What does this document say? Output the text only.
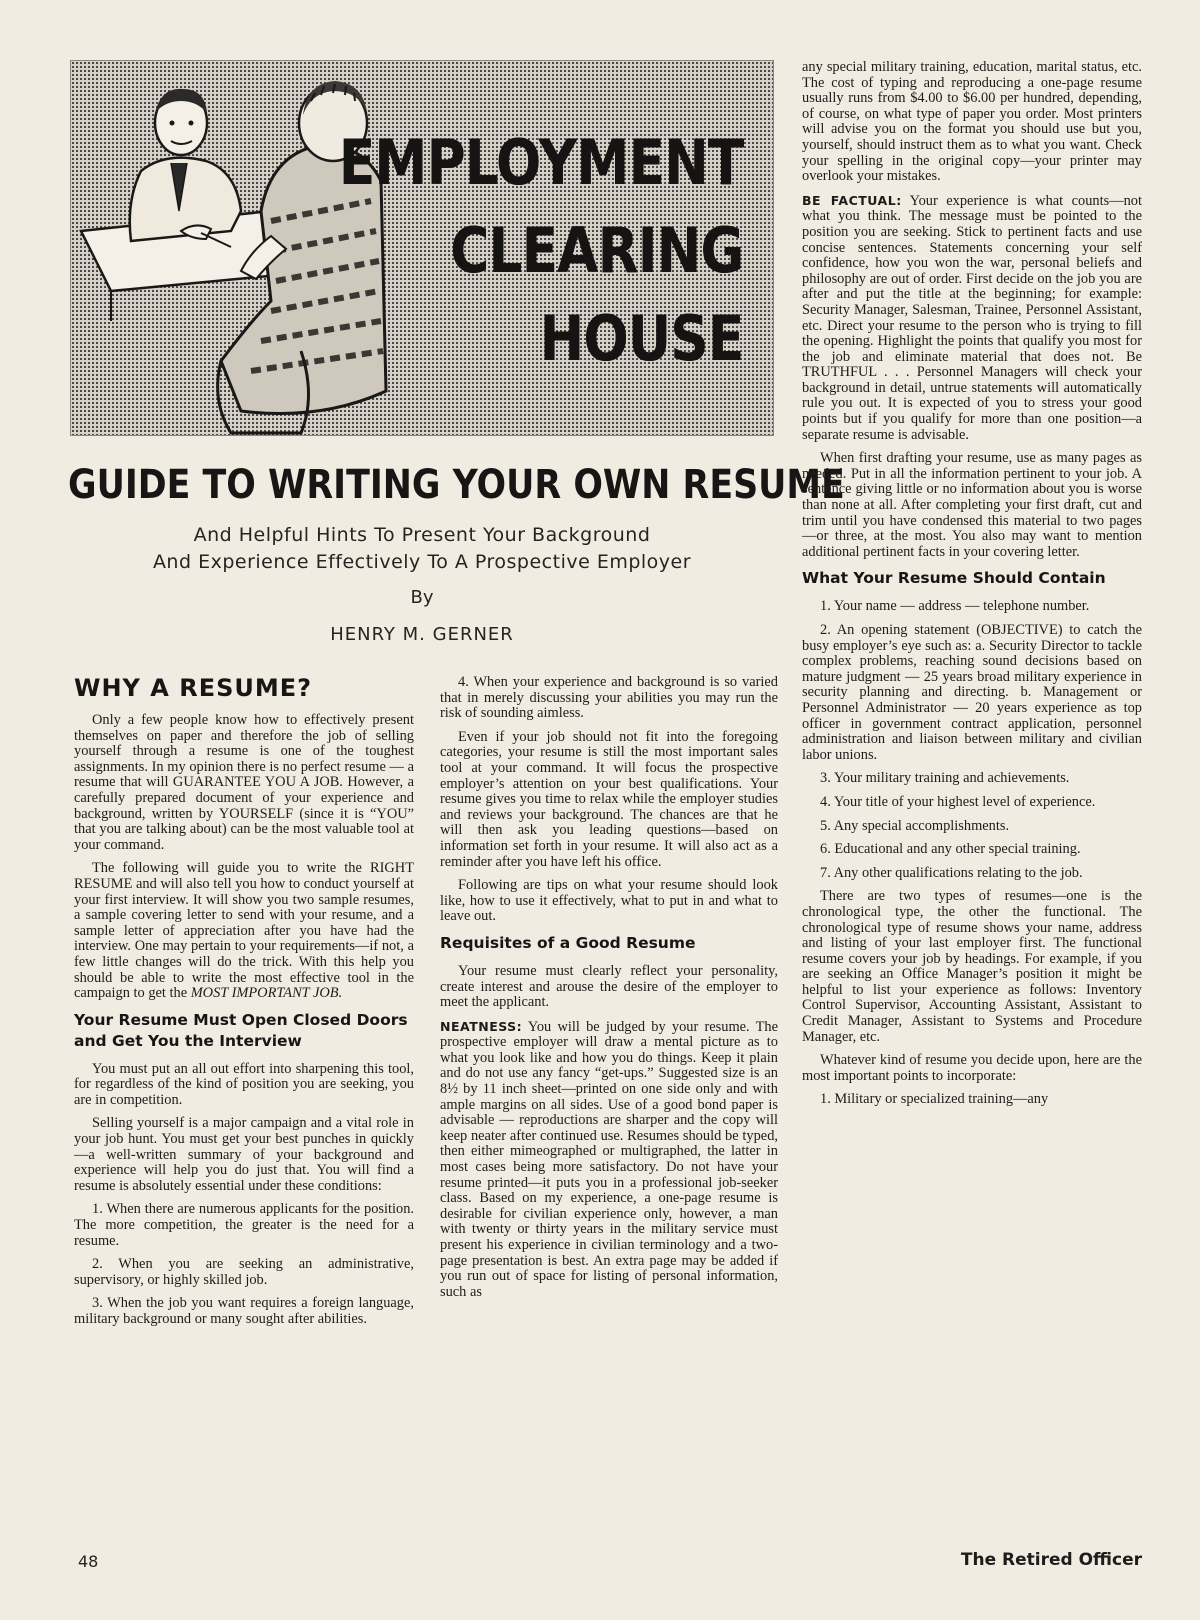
EMPLOYMENT
CLEARING
HOUSE
GUIDE TO WRITING YOUR OWN RESUME
And Helpful Hints To Present Your Background
And Experience Effectively To A Prospective Employer
By
HENRY M. GERNER
WHY A RESUME?

Only a few people know how to effectively present themselves on paper and therefore the job of selling yourself through a resume is one of the toughest assignments. In my opinion there is no perfect resume — a resume that will GUARANTEE YOU A JOB. However, a carefully prepared document of your experience and background, written by YOURSELF (since it is “YOU” that you are talking about) can be the most valuable tool at your command.

The following will guide you to write the RIGHT RESUME and will also tell you how to conduct yourself at your first interview. It will show you two sample resumes, a sample covering letter to send with your resume, and a sample letter of appreciation after you have had the interview. One may pertain to your requirements—if not, a few little changes will do the trick. With this help you should be able to write the most effective tool in the campaign to get the MOST IMPORTANT JOB.

Your Resume Must Open Closed Doors and Get You the Interview

You must put an all out effort into sharpening this tool, for regardless of the kind of position you are seeking, you are in competition.

Selling yourself is a major campaign and a vital role in your job hunt. You must get your best punches in quickly—a well-written summary of your background and experience will help you do just that. You will find a resume is absolutely essential under these conditions:

1. When there are numerous applicants for the position. The more competition, the greater is the need for a resume.

2. When you are seeking an administrative, supervisory, or highly skilled job.

3. When the job you want requires a foreign language, military background or many sought after abilities.

4. When your experience and background is so varied that in merely discussing your abilities you may run the risk of sounding aimless.

Even if your job should not fit into the foregoing categories, your resume is still the most important sales tool at your command. It will focus the prospective employer’s attention on your best qualifications. Your resume gives you time to relax while the employer studies and reviews your background. The chances are that he will then ask you leading questions—based on information set forth in your resume. It will also act as a reminder after you have left his office.

Following are tips on what your resume should look like, how to use it effectively, what to put in and what to leave out.

Requisites of a Good Resume

Your resume must clearly reflect your personality, create interest and arouse the desire of the employer to meet the applicant.

NEATNESS: You will be judged by your resume. The prospective employer will draw a mental picture as to what you look like and how you do things. Keep it plain and do not use any fancy “get-ups.” Suggested size is an 8½ by 11 inch sheet—printed on one side only and with ample margins on all sides. Use of a good bond paper is advisable — reproductions are sharper and the copy will keep neater after continued use. Resumes should be typed, then either mimeographed or multigraphed, the latter in most cases being more satisfactory. Do not have your resume printed—it puts you in a professional job-seeker class. Based on my experience, a one-page resume is desirable for civilian experience only, however, a man with twenty or thirty years in the military service must present his experience in civilian terminology and a two-page presentation is best. An extra page may be added if you run out of space for listing of personal information, such as

any special military training, education, marital status, etc. The cost of typing and reproducing a one-page resume usually runs from $4.00 to $6.00 per hundred, depending, of course, on what type of paper you order. Most printers will advise you on the format you should use but you, yourself, should instruct them as to what you want. Check your spelling in the original copy—your printer may overlook your mistakes.

BE FACTUAL: Your experience is what counts—not what you think. The message must be pointed to the position you are seeking. Stick to pertinent facts and use concise sentences. Statements concerning your self confidence, how you won the war, personal beliefs and philosophy are out of order. First decide on the job you are after and put the title at the beginning; for example: Security Manager, Salesman, Trainee, Personnel Assistant, etc. Direct your resume to the person who is trying to fill the opening. Highlight the points that qualify you most for the job and eliminate material that does not. Be TRUTHFUL . . . Personnel Managers will check your background in detail, untrue statements will automatically rule you out. It is expected of you to stress your good points but if you qualify for more than one position—a separate resume is advisable.

When first drafting your resume, use as many pages as needed. Put in all the information pertinent to your job. A sentence giving little or no information about you is worse than none at all. After completing your first draft, cut and trim until you have condensed this material to two pages—or three, at the most. You also may want to mention additional pertinent facts in your covering letter.

What Your Resume Should Contain

1. Your name — address — telephone number.

2. An opening statement (OBJECTIVE) to catch the busy employer’s eye such as: a. Security Director to tackle complex problems, reaching sound decisions based on mature judgment — 25 years broad military experience in security planning and directing. b. Management or Personnel Administrator — 20 years experience as top officer in government contract application, personnel administration and liaison between military and civilian labor unions.

3. Your military training and achievements.

4. Your title of your highest level of experience.

5. Any special accomplishments.

6. Educational and any other special training.

7. Any other qualifications relating to the job.

There are two types of resumes—one is the chronological type, the other the functional. The chronological type of resume shows your name, address and listing of your last employer first. The functional resume covers your job by headings. For example, if you are seeking an Office Manager’s position it might be helpful to list your experience as follows: Inventory Control Supervisor, Accounting Assistant, Assistant to Credit Manager, Assistant to Systems and Procedure Manager, etc.

Whatever kind of resume you decide upon, here are the most important points to incorporate:

1. Military or specialized training—any

48	The Retired Officer
